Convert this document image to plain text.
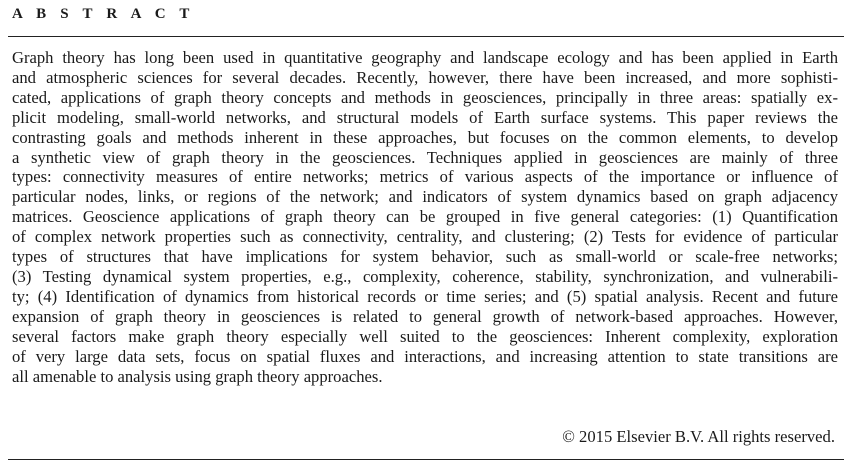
A B S T R A C T
Graph theory has long been used in quantitative geography and landscape ecology and has been applied in Earth
and atmospheric sciences for several decades. Recently, however, there have been increased, and more sophisti-
cated, applications of graph theory concepts and methods in geosciences, principally in three areas: spatially ex-
plicit modeling, small-world networks, and structural models of Earth surface systems. This paper reviews the
contrasting goals and methods inherent in these approaches, but focuses on the common elements, to develop
a synthetic view of graph theory in the geosciences. Techniques applied in geosciences are mainly of three
types: connectivity measures of entire networks; metrics of various aspects of the importance or influence of
particular nodes, links, or regions of the network; and indicators of system dynamics based on graph adjacency
matrices. Geoscience applications of graph theory can be grouped in five general categories: (1) Quantification
of complex network properties such as connectivity, centrality, and clustering; (2) Tests for evidence of particular
types of structures that have implications for system behavior, such as small-world or scale-free networks;
(3) Testing dynamical system properties, e.g., complexity, coherence, stability, synchronization, and vulnerabili-
ty; (4) Identification of dynamics from historical records or time series; and (5) spatial analysis. Recent and future
expansion of graph theory in geosciences is related to general growth of network-based approaches. However,
several factors make graph theory especially well suited to the geosciences: Inherent complexity, exploration
of very large data sets, focus on spatial fluxes and interactions, and increasing attention to state transitions are
all amenable to analysis using graph theory approaches.
© 2015 Elsevier B.V. All rights reserved.
